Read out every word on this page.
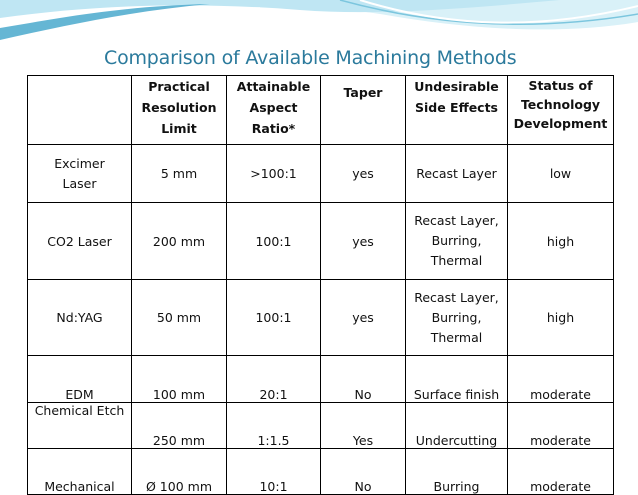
Comparison of Available Machining Methods

	Practical
Resolution
Limit	Attainable
Aspect
Ratio*	Taper	Undesirable
Side Effects	Status of
Technology
Development

Excimer
Laser	5 mm	>100:1	yes	Recast Layer	low

CO2 Laser	200 mm	100:1	yes	Recast Layer,
Burring,
Thermal	high

Nd:YAG	50 mm	100:1	yes	Recast Layer,
Burring,
Thermal	high

EDM	100 mm	20:1	No	Surface finish	moderate

Chemical Etch	250 mm	1:1.5	Yes	Undercutting	moderate

Mechanical	Ø 100 mm	10:1	No	Burring	moderate
